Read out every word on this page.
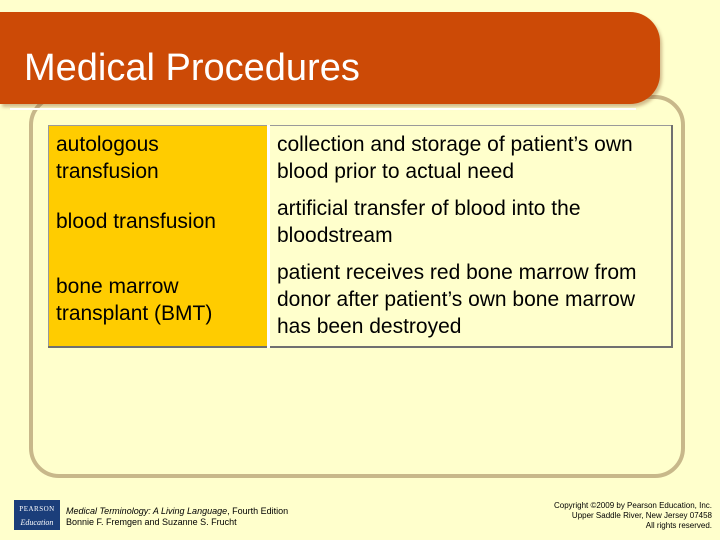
Medical Procedures
autologous transfusion	collection and storage of patient’s own blood prior to actual need
blood transfusion	artificial transfer of blood into the bloodstream
bone marrow transplant (BMT)	patient receives red bone marrow from donor after patient’s own bone marrow has been destroyed
PEARSON
Education
Medical Terminology: A Living Language, Fourth Edition
Bonnie F. Fremgen and Suzanne S. Frucht
Copyright ©2009 by Pearson Education, Inc.
Upper Saddle River, New Jersey 07458
All rights reserved.
